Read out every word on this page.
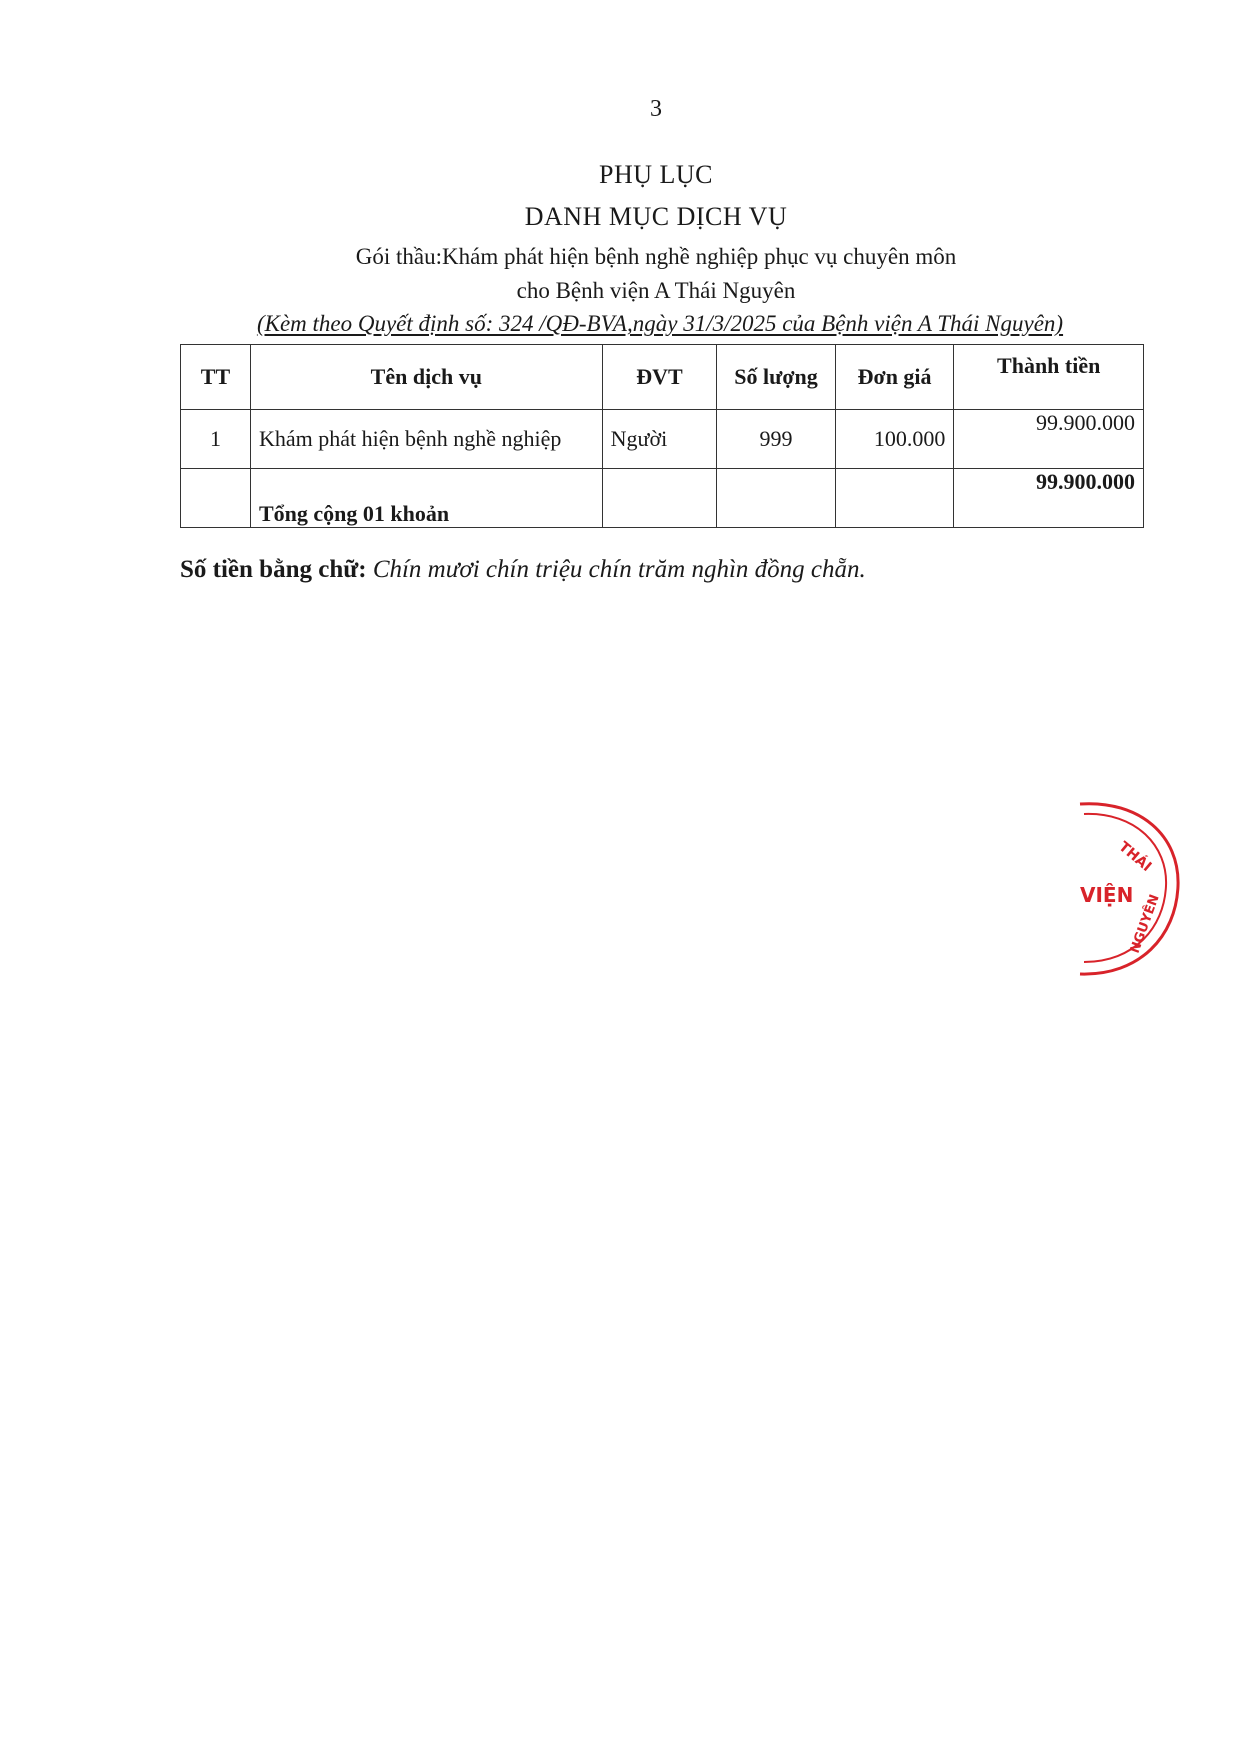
3
PHỤ LỤC
DANH MỤC DỊCH VỤ
Gói thầu:Khám phát hiện bệnh nghề nghiệp phục vụ chuyên môn
cho Bệnh viện A Thái Nguyên
(Kèm theo Quyết định số: 324 /QĐ-BVA,ngày 31/3/2025 của Bệnh viện A Thái Nguyên)
TT	Tên dịch vụ	ĐVT	Số lượng	Đơn giá	Thành tiền
1	Khám phát hiện bệnh nghề nghiệp	Người	999	100.000	99.900.000
	Tổng cộng 01 khoản				99.900.000
Số tiền bằng chữ: Chín mươi chín triệu chín trăm nghìn đồng chẵn.
THÁI
VIỆN
NGUYÊN
